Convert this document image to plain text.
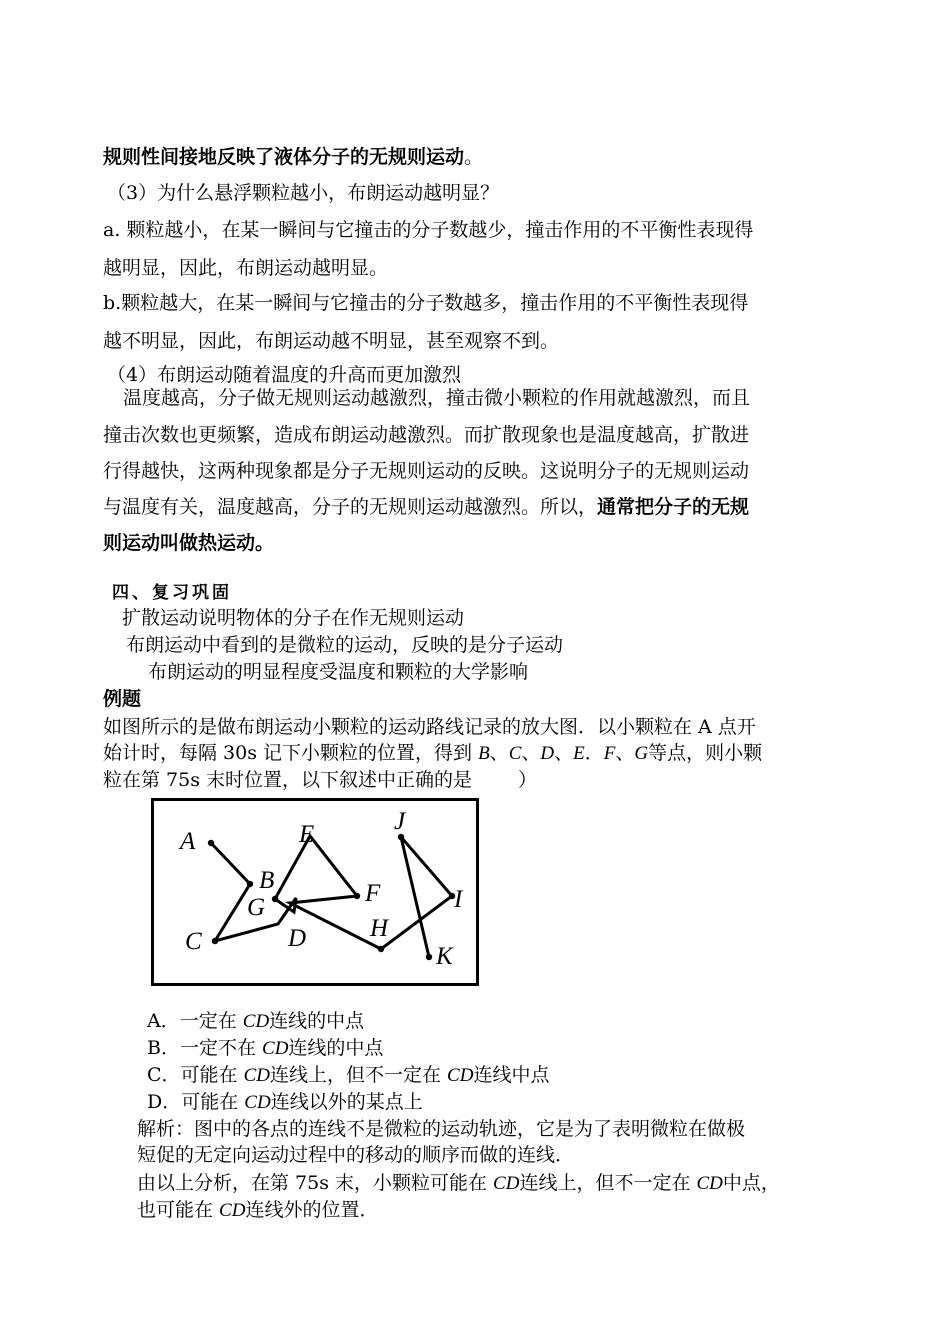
规则性间接地反映了液体分子的无规则运动。
（3）为什么悬浮颗粒越小，布朗运动越明显？
a. 颗粒越小，在某一瞬间与它撞击的分子数越少，撞击作用的不平衡性表现得
越明显，因此，布朗运动越明显。
b.颗粒越大，在某一瞬间与它撞击的分子数越多，撞击作用的不平衡性表现得
越不明显，因此，布朗运动越不明显，甚至观察不到。
（4）布朗运动随着温度的升高而更加激烈
温度越高，分子做无规则运动越激烈，撞击微小颗粒的作用就越激烈，而且
撞击次数也更频繁，造成布朗运动越激烈。而扩散现象也是温度越高，扩散进
行得越快，这两种现象都是分子无规则运动的反映。这说明分子的无规则运动
与温度有关，温度越高，分子的无规则运动越激烈。所以，通常把分子的无规
则运动叫做热运动。
四、复习巩固
扩散运动说明物体的分子在作无规则运动
布朗运动中看到的是微粒的运动，反映的是分子运动
布朗运动的明显程度受温度和颗粒的大学影响
例题
如图所示的是做布朗运动小颗粒的运动路线记录的放大图．以小颗粒在 A 点开
始计时，每隔 30s 记下小颗粒的位置，得到 B、C、D、E．F、G等点，则小颗
粒在第 75s 末时位置，以下叙述中正确的是 ）
A
B
C	D
E
F
G
H
I
J
K
A．一定在 CD连线的中点
B．一定不在 CD连线的中点
C．可能在 CD连线上，但不一定在 CD连线中点
D．可能在 CD连线以外的某点上
解析：图中的各点的连线不是微粒的运动轨迹，它是为了表明微粒在做极
短促的无定向运动过程中的移动的顺序而做的连线．
由以上分析，在第 75s 末，小颗粒可能在 CD连线上，但不一定在 CD中点，
也可能在 CD连线外的位置．
